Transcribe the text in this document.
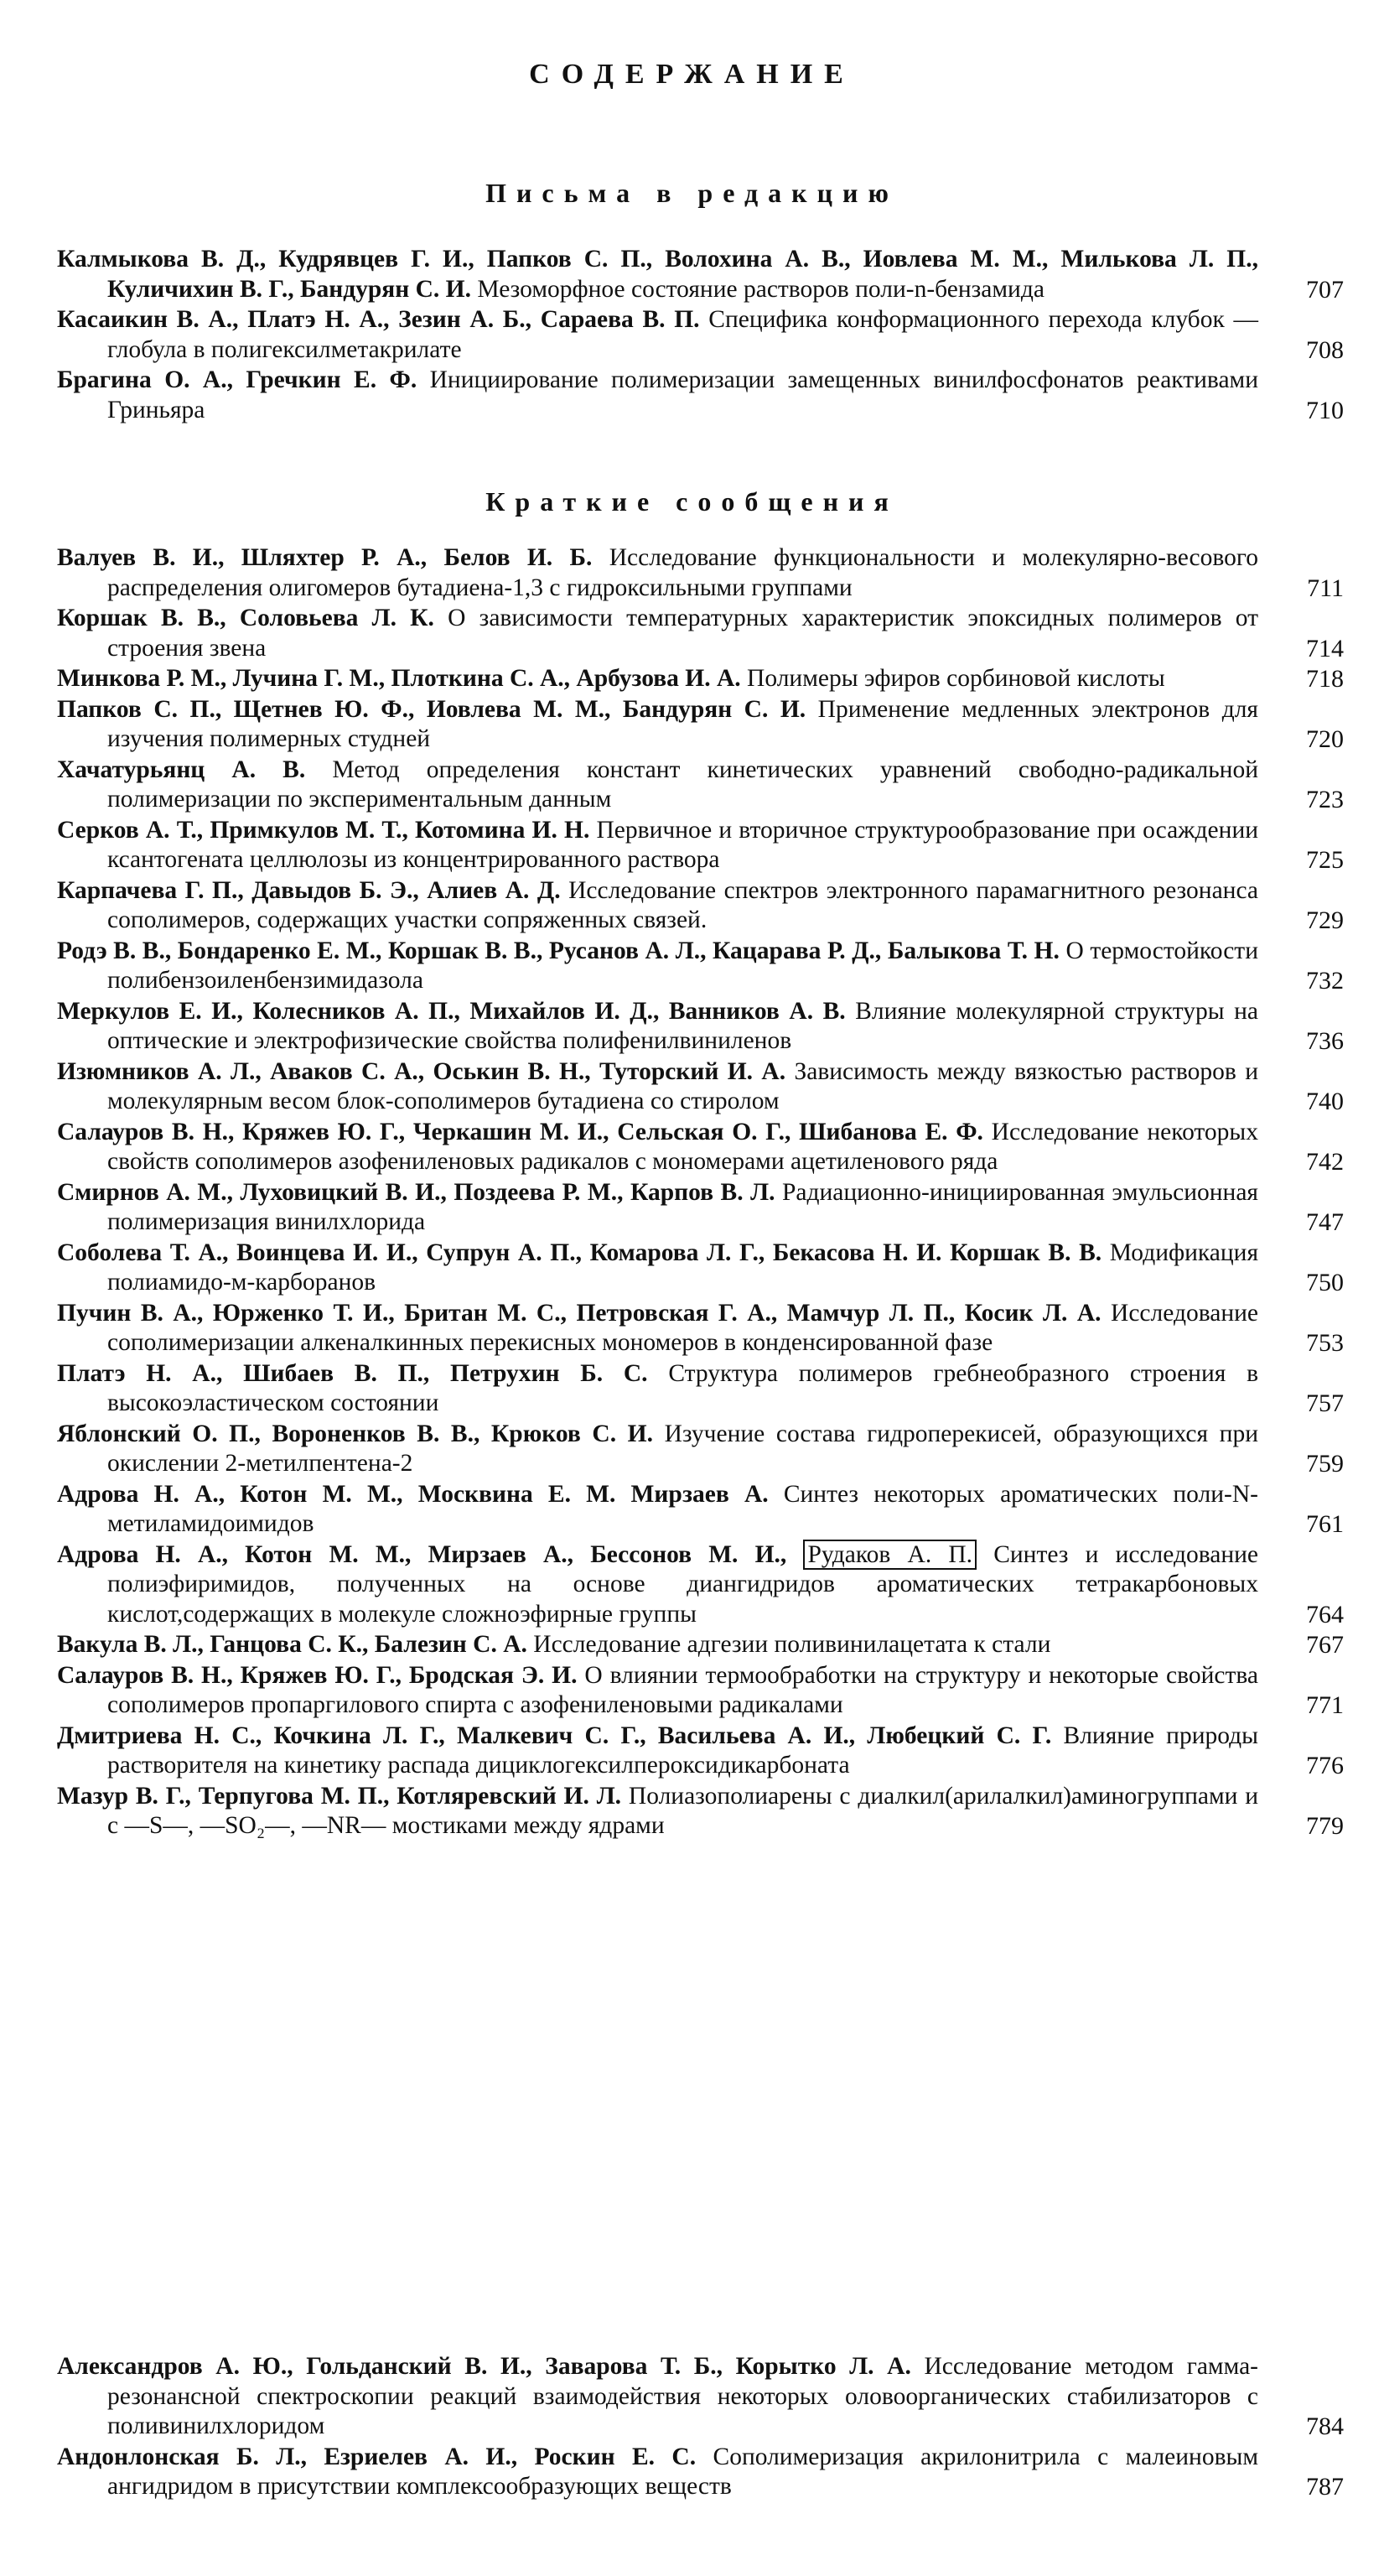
СОДЕРЖАНИЕ
Письма в редакцию
Калмыкова В. Д., Кудрявцев Г. И., Папков С. П., Волохина А. В., Иовлева М. М., Милькова Л. П., Куличихин В. Г., Бандурян С. И. Мезоморфное состояние растворов поли-n-бензамида	707
Касаикин В. А., Платэ Н. А., Зезин А. Б., Сараева В. П. Специфика конформационного перехода клубок — глобула в полигексилметакрилате	708
Брагина О. А., Гречкин Е. Ф. Инициирование полимеризации замещенных винилфосфонатов реактивами Гриньяра	710
Краткие сообщения
Валуев В. И., Шляхтер Р. А., Белов И. Б. Исследование функциональности и молекулярно-весового распределения олигомеров бутадиена-1,3 с гидроксильными группами	711
Коршак В. В., Соловьева Л. К. О зависимости температурных характеристик эпоксидных полимеров от строения звена	714
Минкова Р. М., Лучина Г. М., Плоткина С. А., Арбузова И. А. Полимеры эфиров сорбиновой кислоты	718
Папков С. П., Щетнев Ю. Ф., Иовлева М. М., Бандурян С. И. Применение медленных электронов для изучения полимерных студней	720
Хачатурьянц А. В. Метод определения констант кинетических уравнений свободно-радикальной полимеризации по экспериментальным данным	723
Серков А. Т., Примкулов М. Т., Котомина И. Н. Первичное и вторичное структурообразование при осаждении ксантогената целлюлозы из концентрированного раствора	725
Карпачева Г. П., Давыдов Б. Э., Алиев А. Д. Исследование спектров электронного парамагнитного резонанса сополимеров, содержащих участки сопряженных связей.	729
Родэ В. В., Бондаренко Е. М., Коршак В. В., Русанов А. Л., Кацарава Р. Д., Балыкова Т. Н. О термостойкости полибензоиленбензимидазола	732
Меркулов Е. И., Колесников А. П., Михайлов И. Д., Ванников А. В. Влияние молекулярной структуры на оптические и электрофизические свойства полифенилвиниленов	736
Изюмников А. Л., Аваков С. А., Оськин В. Н., Туторский И. А. Зависимость между вязкостью растворов и молекулярным весом блок-сополимеров бутадиена со стиролом	740
Салауров В. Н., Кряжев Ю. Г., Черкашин М. И., Сельская О. Г., Шибанова Е. Ф. Исследование некоторых свойств сополимеров азофениленовых радикалов с мономерами ацетиленового ряда	742
Смирнов А. М., Луховицкий В. И., Поздеева Р. М., Карпов В. Л. Радиационно-инициированная эмульсионная полимеризация винилхлорида	747
Соболева Т. А., Воинцева И. И., Супрун А. П., Комарова Л. Г., Бекасова Н. И. Коршак В. В. Модификация полиамидо-м-карборанов	750
Пучин В. А., Юрженко Т. И., Британ М. С., Петровская Г. А., Мамчур Л. П., Косик Л. А. Исследование сополимеризации алкеналкинных перекисных мономеров в конденсированной фазе	753
Платэ Н. А., Шибаев В. П., Петрухин Б. С. Структура полимеров гребнеобразного строения в высокоэластическом состоянии	757
Яблонский О. П., Вороненков В. В., Крюков С. И. Изучение состава гидроперекисей, образующихся при окислении 2-метилпентена-2	759
Адрова Н. А., Котон М. М., Москвина Е. М. Мирзаев А. Синтез некоторых ароматических поли-N-метиламидоимидов	761
Адрова Н. А., Котон М. М., Мирзаев А., Бессонов М. И., Рудаков А. П. Синтез и исследование полиэфиримидов, полученных на основе диангидридов ароматических тетракарбоновых кислот,содержащих в молекуле сложноэфирные группы	764
Вакула В. Л., Ганцова С. К., Балезин С. А. Исследование адгезии поливинилацетата к стали	767
Салауров В. Н., Кряжев Ю. Г., Бродская Э. И. О влиянии термообработки на структуру и некоторые свойства сополимеров пропаргилового спирта с азофениленовыми радикалами	771
Дмитриева Н. С., Кочкина Л. Г., Малкевич С. Г., Васильева А. И., Любецкий С. Г. Влияние природы растворителя на кинетику распада дициклогексилпероксидикарбоната	776
Мазур В. Г., Терпугова М. П., Котляревский И. Л. Полиазополиарены с диалкил(арилалкил)аминогруппами и с —S—, —SO₂—, —NR— мостиками между ядрами	779
Александров А. Ю., Гольданский В. И., Заварова Т. Б., Корытко Л. А. Исследование методом гамма-резонансной спектроскопии реакций взаимодействия некоторых оловоорганических стабилизаторов с поливинилхлоридом	784
Андонлонская Б. Л., Езриелев А. И., Роскин Е. С. Сополимеризация акрилонитрила с малеиновым ангидридом в присутствии комплексообразующих веществ	787
